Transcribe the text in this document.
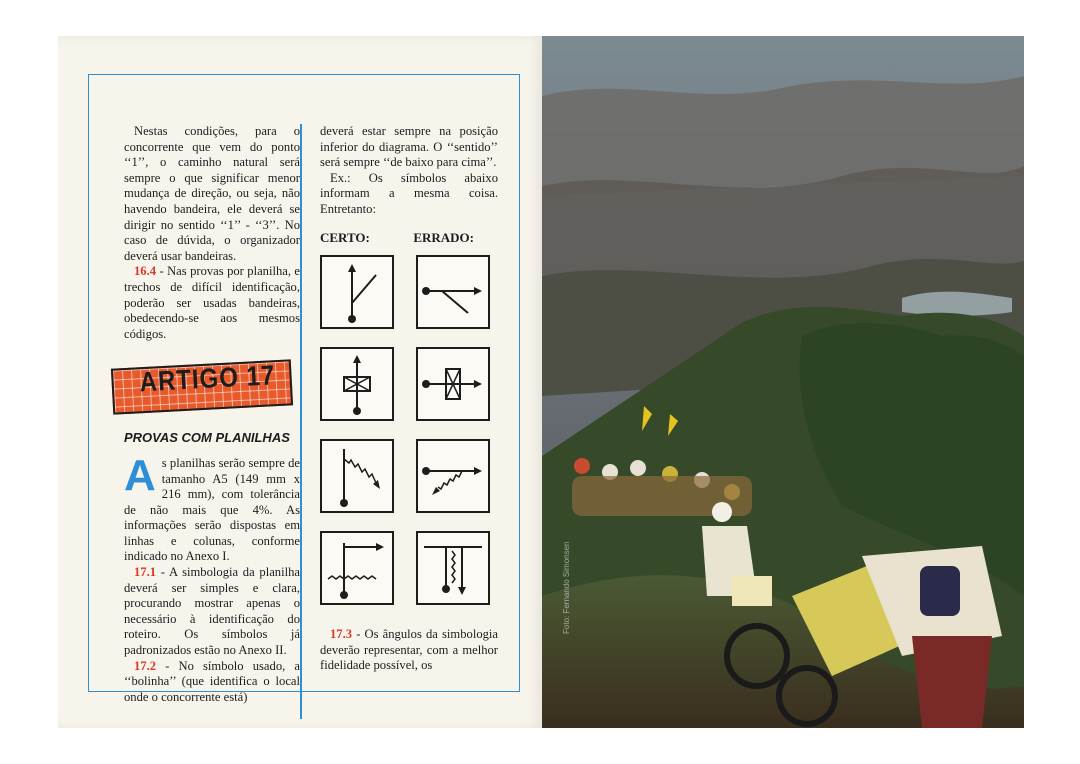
Nestas condições, para o concorrente que vem do ponto ‘‘1’’, o caminho natural será sempre o que significar menor mudança de direção, ou seja, não havendo bandeira, ele deverá se dirigir no sentido ‘‘1’’ - ‘‘3’’. No caso de dúvida, o organizador deverá usar bandeiras.

16.4 - Nas provas por planilha, e trechos de difícil identificação, poderão ser usadas bandeiras, obedecendo-se aos mesmos códigos.

ARTIGO 17
PROVAS COM PLANILHAS

As planilhas serão sempre de tamanho A5 (149 mm x 216 mm), com tolerância de não mais que 4%. As informações serão dispostas em linhas e colunas, conforme indicado no Anexo I.

17.1 - A simbologia da planilha deverá ser simples e clara, procurando mostrar apenas o necessário à identificação do roteiro. Os símbolos já padronizados estão no Anexo II.

17.2 - No símbolo usado, a ‘‘bolinha’’ (que identifica o local onde o concorrente está)

deverá estar sempre na posição inferior do diagrama. O ‘‘sentido’’ será sempre ‘‘de baixo para cima’’.

Ex.: Os símbolos abaixo informam a mesma coisa. Entretanto:

CERTO:	ERRADO:

17.3 - Os ângulos da simbologia deverão representar, com a melhor fidelidade possível, os

Foto: Fernando Simonsen
